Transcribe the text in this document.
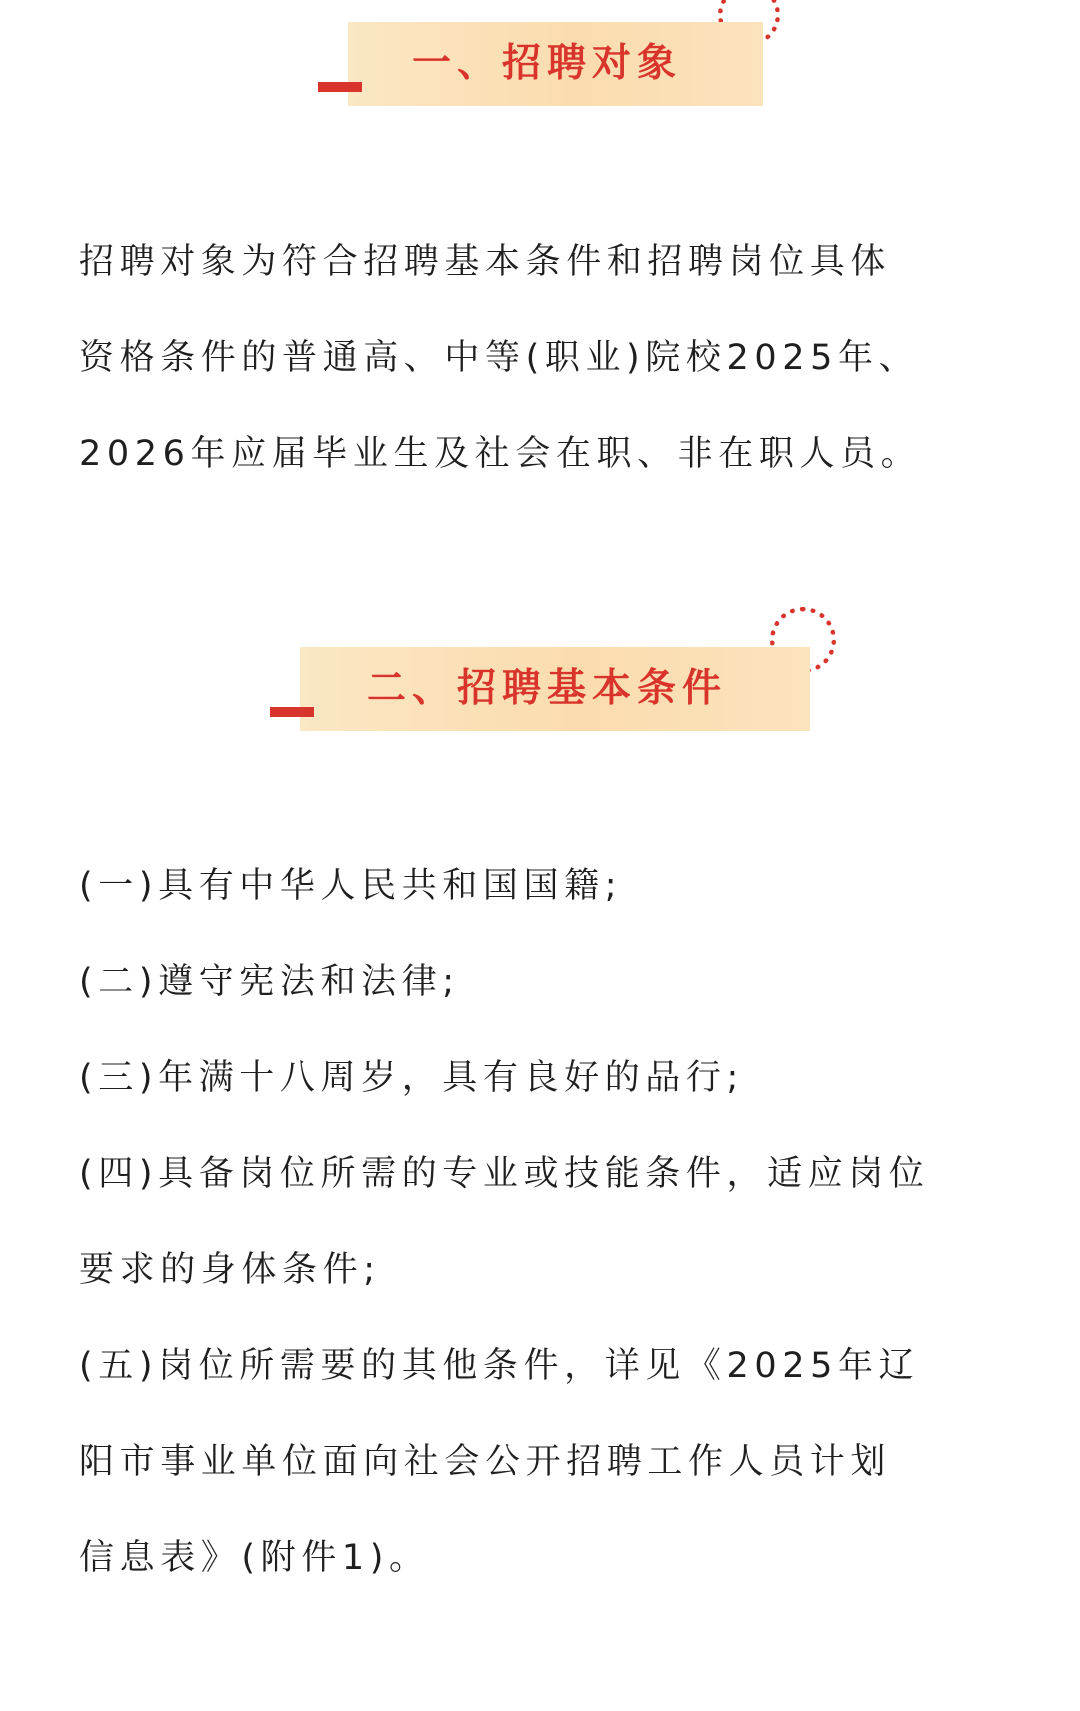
一、招聘对象
招聘对象为符合招聘基本条件和招聘岗位具体
资格条件的普通高、中等(职业)院校2025年、
2026年应届毕业生及社会在职、非在职人员。
二、招聘基本条件
(一)具有中华人民共和国国籍;
(二)遵守宪法和法律;
(三)年满十八周岁，具有良好的品行;
(四)具备岗位所需的专业或技能条件，适应岗位
要求的身体条件;
(五)岗位所需要的其他条件，详见《2025年辽
阳市事业单位面向社会公开招聘工作人员计划
信息表》(附件1)。
